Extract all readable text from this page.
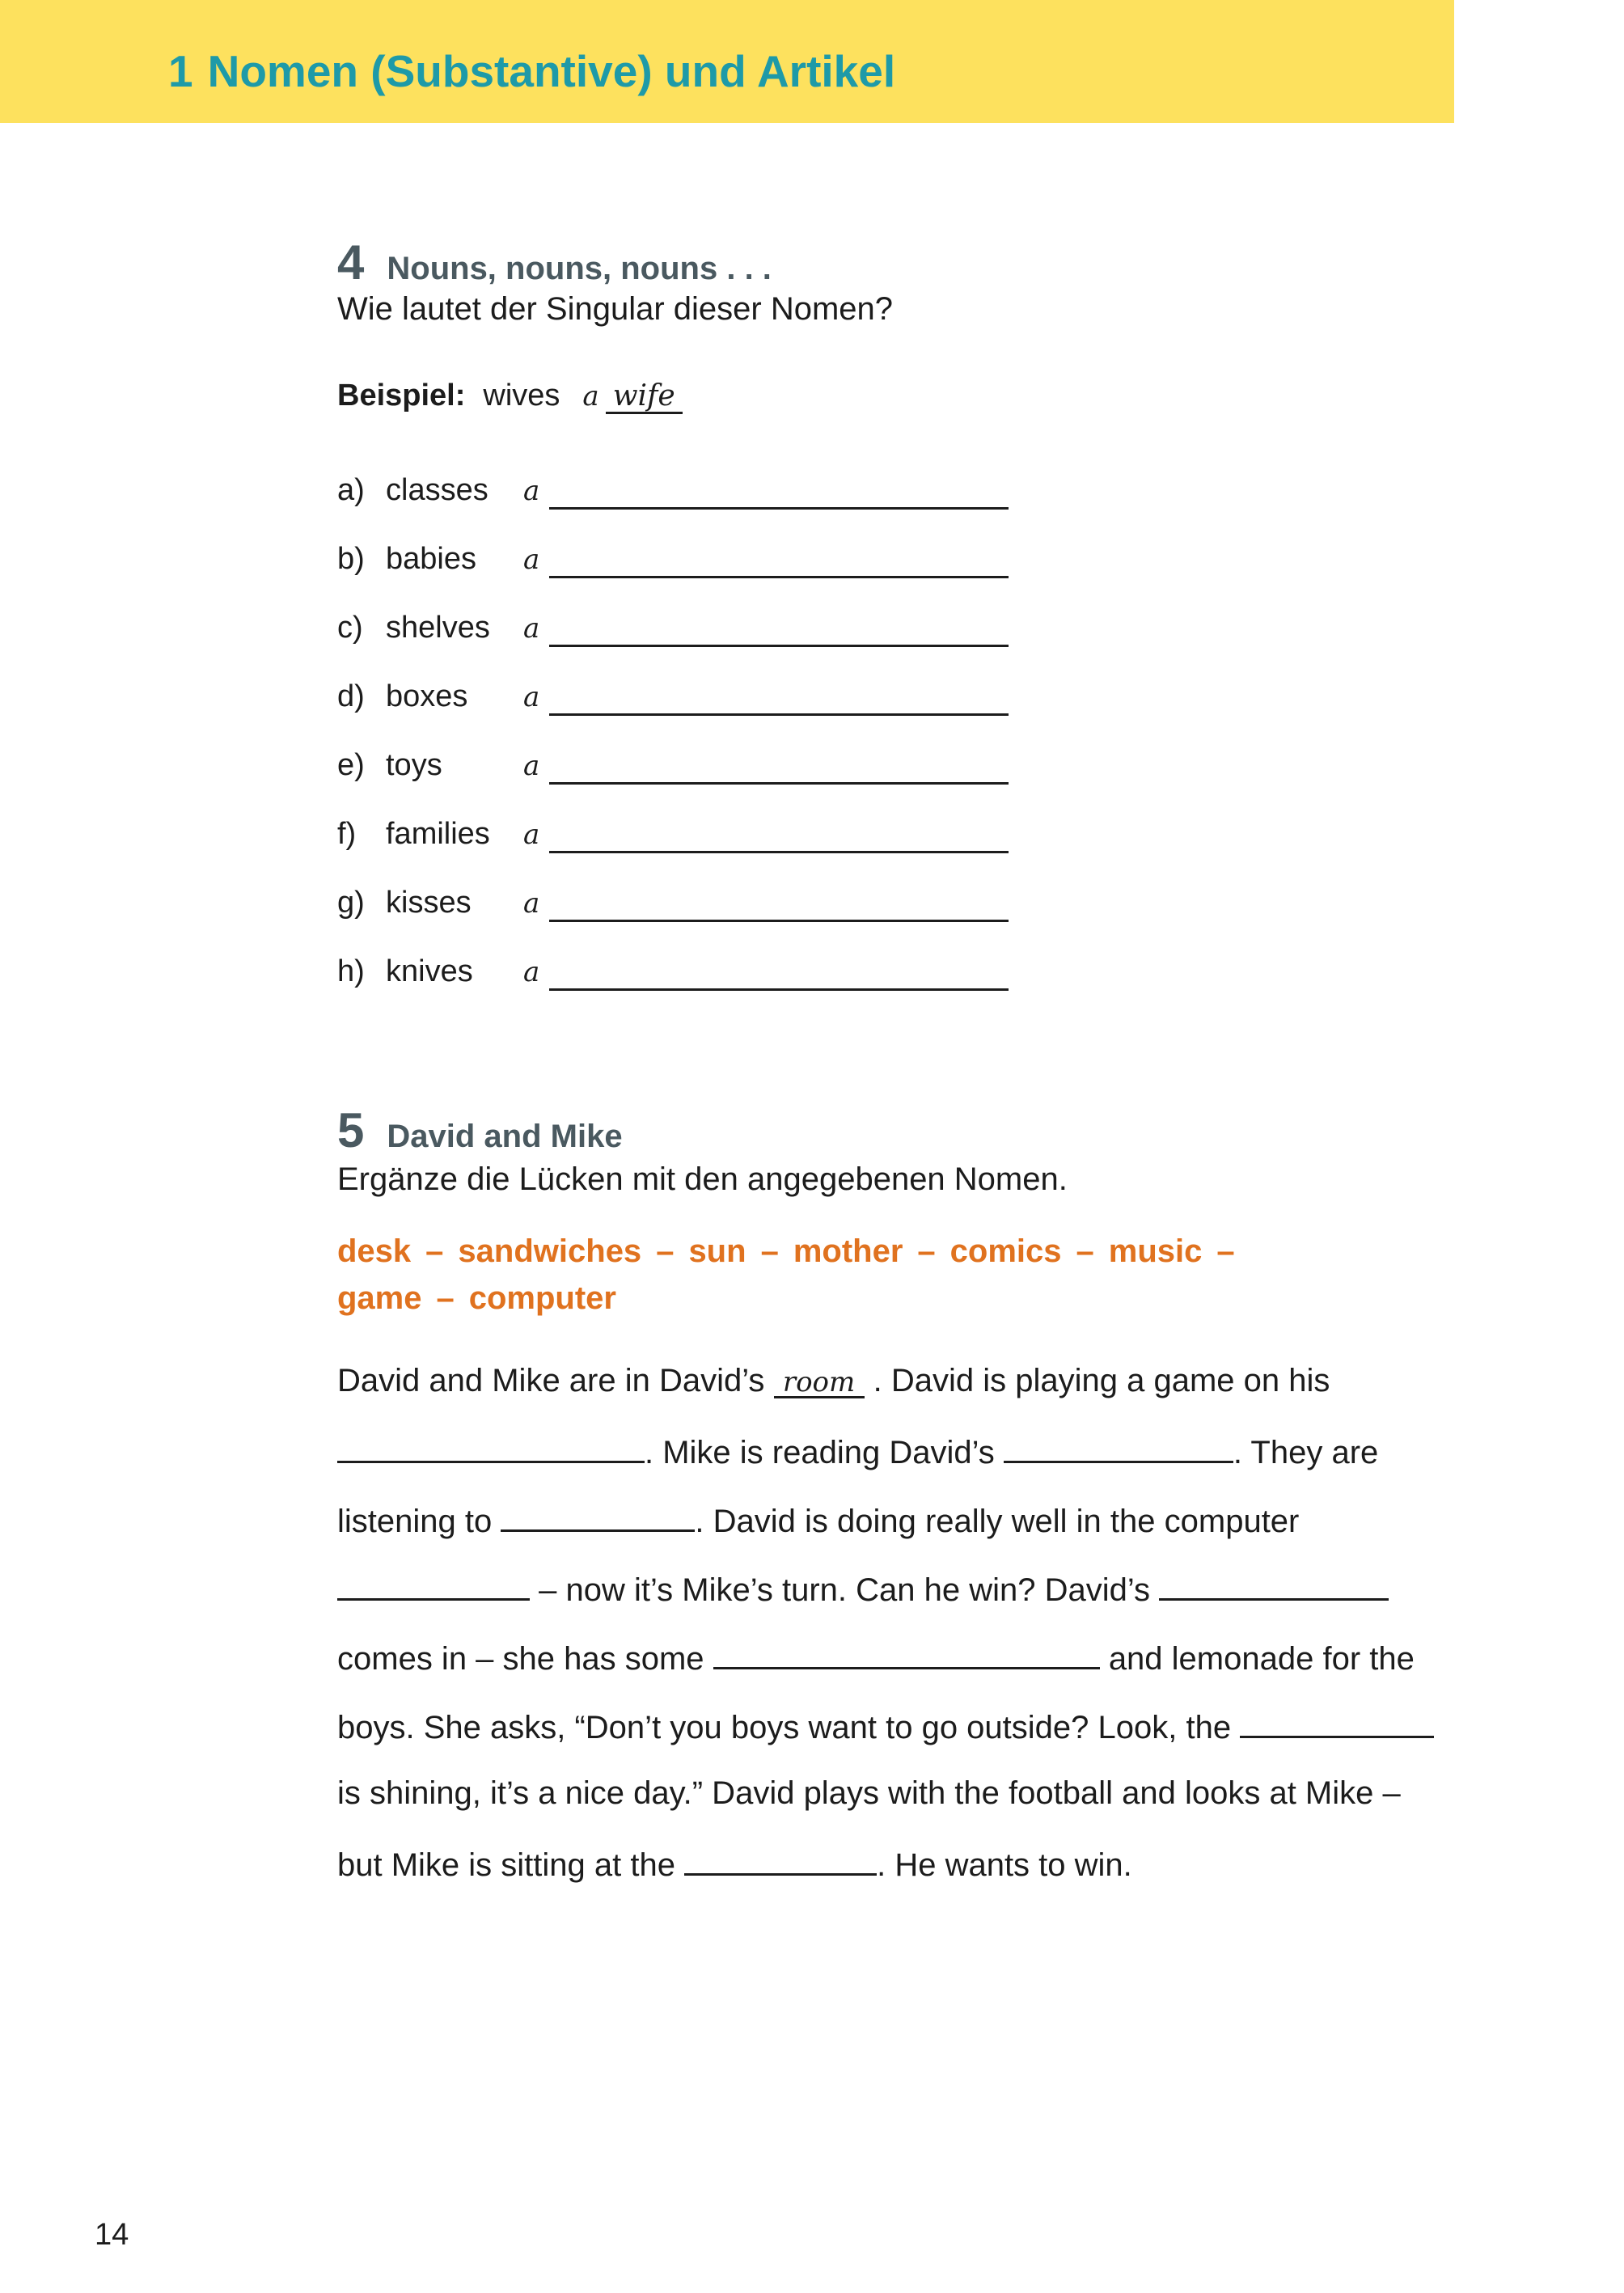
1 Nomen (Substantive) und Artikel
4 Nouns, nouns, nouns . . .
Wie lautet der Singular dieser Nomen?
Beispiel: wives a wife
a) classes a
b) babies a
c) shelves a
d) boxes a
e) toys	a
f) families a
g) kisses a
h) knives a
5 David and Mike
Ergänze die Lücken mit den angegebenen Nomen.
desk – sandwiches – sun – mother – comics – music –
game – computer
David and Mike are in David’s room . David is playing a game on his
. Mike is reading David’s	. They are
listening to	. David is doing really well in the computer
– now it’s Mike’s turn. Can he win? David’s
comes in – she has some	and lemonade for the
boys. She asks, “Don’t you boys want to go outside? Look, the
is shining, it’s a nice day.” David plays with the football and looks at Mike –
but Mike is sitting at the	. He wants to win.
14
